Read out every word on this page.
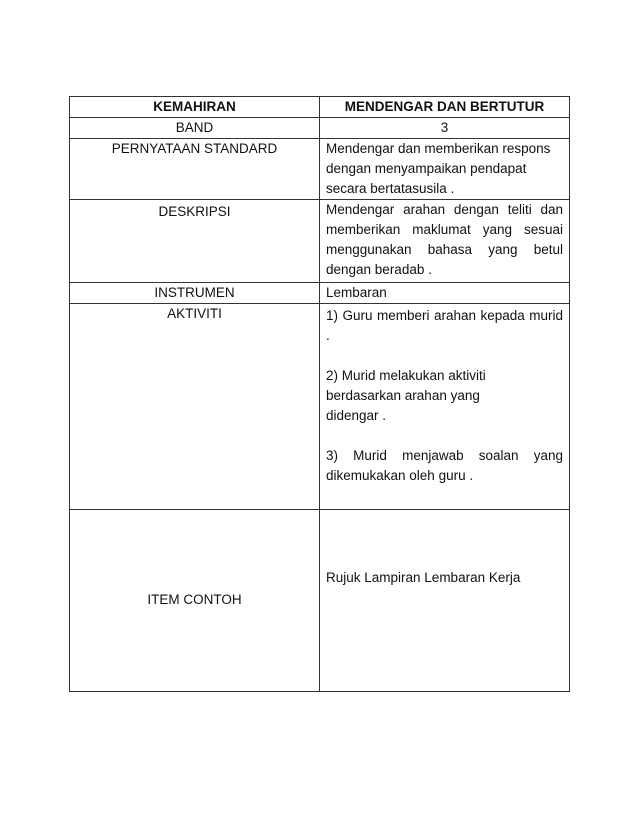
KEMAHIRAN	MENDENGAR DAN BERTUTUR
BAND	3
PERNYATAAN STANDARD	Mendengar dan memberikan respons dengan menyampaikan pendapat secara bertatasusila .

DESKRIPSI	Mendengar arahan dengan teliti dan memberikan maklumat yang sesuai menggunakan bahasa yang betul dengan beradab .

INSTRUMEN	Lembaran
AKTIVITI	1) Guru memberi arahan kepada murid .
2) Murid melakukan aktiviti berdasarkan arahan yang didengar .
3) Murid menjawab soalan yang dikemukakan oleh guru .

ITEM CONTOH	Rujuk Lampiran Lembaran Kerja
